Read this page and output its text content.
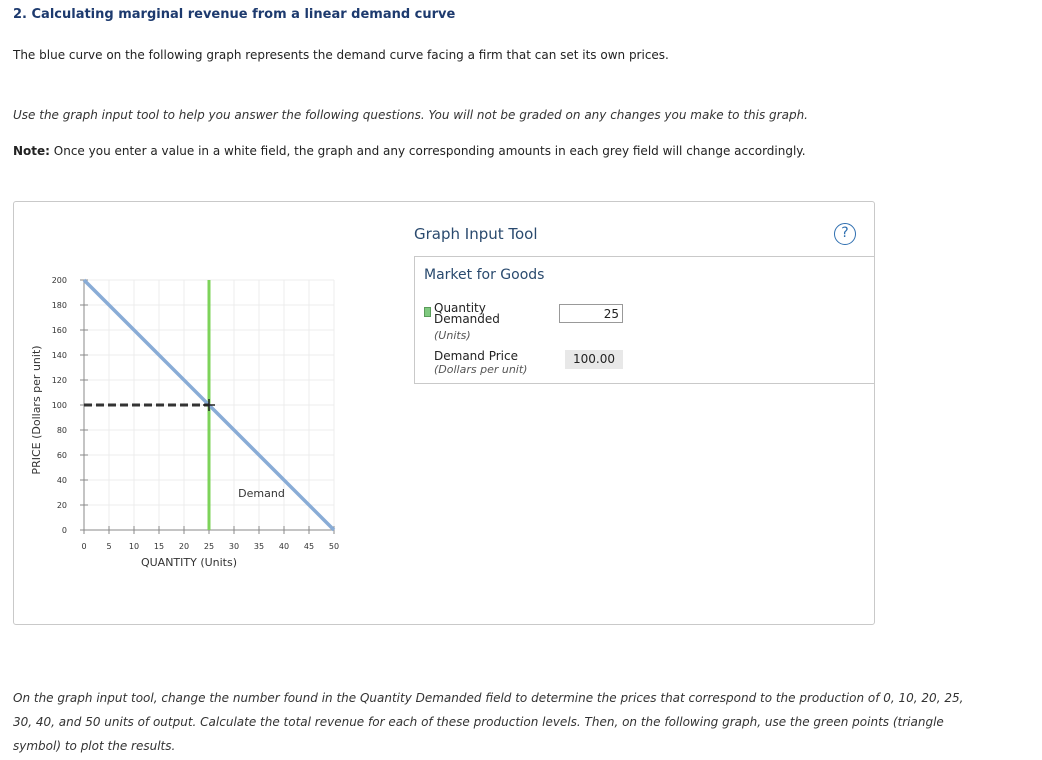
2. Calculating marginal revenue from a linear demand curve
The blue curve on the following graph represents the demand curve facing a firm that can set its own prices.
Use the graph input tool to help you answer the following questions. You will not be graded on any changes you make to this graph.
Note: Once you enter a value in a white field, the graph and any corresponding amounts in each grey field will change accordingly.
0
20
40
60
80
100
120
140
160
180
200
0 5 10 15 20 25 30 35 40 45 50
QUANTITY (Units)
PRICE (Dollars per unit)
Demand
Graph Input Tool	?
Market for Goods
Quantity Demanded
(Units)
25
Demand Price
(Dollars per unit)
100.00
On the graph input tool, change the number found in the Quantity Demanded field to determine the prices that correspond to the production of 0, 10, 20, 25, 30, 40, and 50 units of output. Calculate the total revenue for each of these production levels. Then, on the following graph, use the green points (triangle symbol) to plot the results.
